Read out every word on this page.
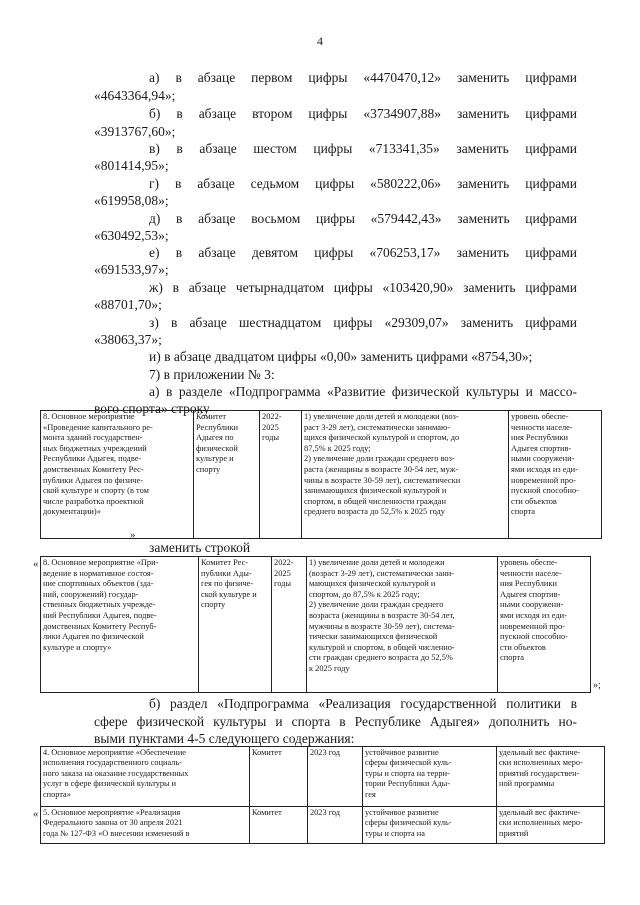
4
а) в абзаце первом цифры «4470470,12» заменить цифрами
«4643364,94»;
б) в абзаце втором цифры «3734907,88» заменить цифрами
«3913767,60»;
в) в абзаце шестом цифры «713341,35» заменить цифрами
«801414,95»;
г) в абзаце седьмом цифры «580222,06» заменить цифрами
«619958,08»;
д) в абзаце восьмом цифры «579442,43» заменить цифрами
«630492,53»;
е) в абзаце девятом цифры «706253,17» заменить цифрами
«691533,97»;
ж) в абзаце четырнадцатом цифры «103420,90» заменить цифрами
«88701,70»;
з) в абзаце шестнадцатом цифры «29309,07» заменить цифрами
«38063,37»;
и) в абзаце двадцатом цифры «0,00» заменить цифрами «8754,30»;
7) в приложении № 3:
а) в разделе «Подпрограмма «Развитие физической культуры и массо-
вого спорта» строку
8. Основное мероприятие
«Проведение капитального ре-
монта зданий государствен-
ных бюджетных учреждений
Республики Адыгея, подве-
домственных Комитету Рес-
публики Адыгея по физиче-
ской культуре и спорту (в том
числе разработка проектной
документации)»

Комитет
Республики
Адыгея по
физической
культуре и
спорту

2022-
2025
годы

1) увеличение доли детей и молодежи (воз-
раст 3-29 лет), систематически занимаю-
щихся физической культурой и спортом, до
87,5% к 2025 году;
2) увеличение доли граждан среднего воз-
раста (женщины в возрасте 30-54 лет, муж-
чины в возрасте 30-59 лет), систематически
занимающихся физической культурой и
спортом, в общей численности граждан
среднего возраста до 52,5% к 2025 году

уровень обеспе-
ченности населе-
ния Республики
Адыгея спортив-
ными сооружени-
ями исходя из еди-
новременной про-
пускной способно-
сти объектов
спорта
»
заменить строкой
8. Основное мероприятие «При-
ведение в нормативное состоя-
ние спортивных объектов (зда-
ний, сооружений) государ-
ственных бюджетных учрежде-
ний Республики Адыгея, подве-
домственных Комитету Респуб-
лики Адыгея по физической
культуре и спорту»

Комитет Рес-
публики Ады-
гея по физиче-
ской культуре и
спорту

2022-
2025
годы

1) увеличение доли детей и молодежи
(возраст 3-29 лет), систематически зани-
мающихся физической культурой и
спортом, до 87,5% к 2025 году;
2) увеличение доли граждан среднего
возраста (женщины в возрасте 30-54 лет,
мужчины в возрасте 30-59 лет), система-
тически занимающихся физической
культурой и спортом, в общей численно-
сти граждан среднего возраста до 52,5%
к 2025 году

уровень обеспе-
ченности населе-
ния Республики
Адыгея спортив-
ными сооружени-
ями исходя из еди-
новременной про-
пускной способно-
сти объектов
спорта

»;
«
б) раздел «Подпрограмма «Реализация государственной политики в
сфере физической культуры и спорта в Республике Адыгея» дополнить но-
выми пунктами 4-5 следующего содержания:
4. Основное мероприятие «Обеспечение
исполнения государственного социаль-
ного заказа на оказание государственных
услуг в сфере физической культуры и
спорта»	Комитет	2023 год	устойчивое развитие
сферы физической куль-
туры и спорта на терри-
тории Республики Ады-
гея	удельный вес фактиче-
ски исполненных меро-
приятий государствен-
ной программы

5. Основное мероприятие «Реализация
Федерального закона от 30 апреля 2021
года № 127-ФЗ «О внесении изменений в	Комитет	2023 год	устойчивое развитие
сферы физической куль-
туры и спорта на	удельный вес фактиче-
ски исполненных меро-
приятий
«
